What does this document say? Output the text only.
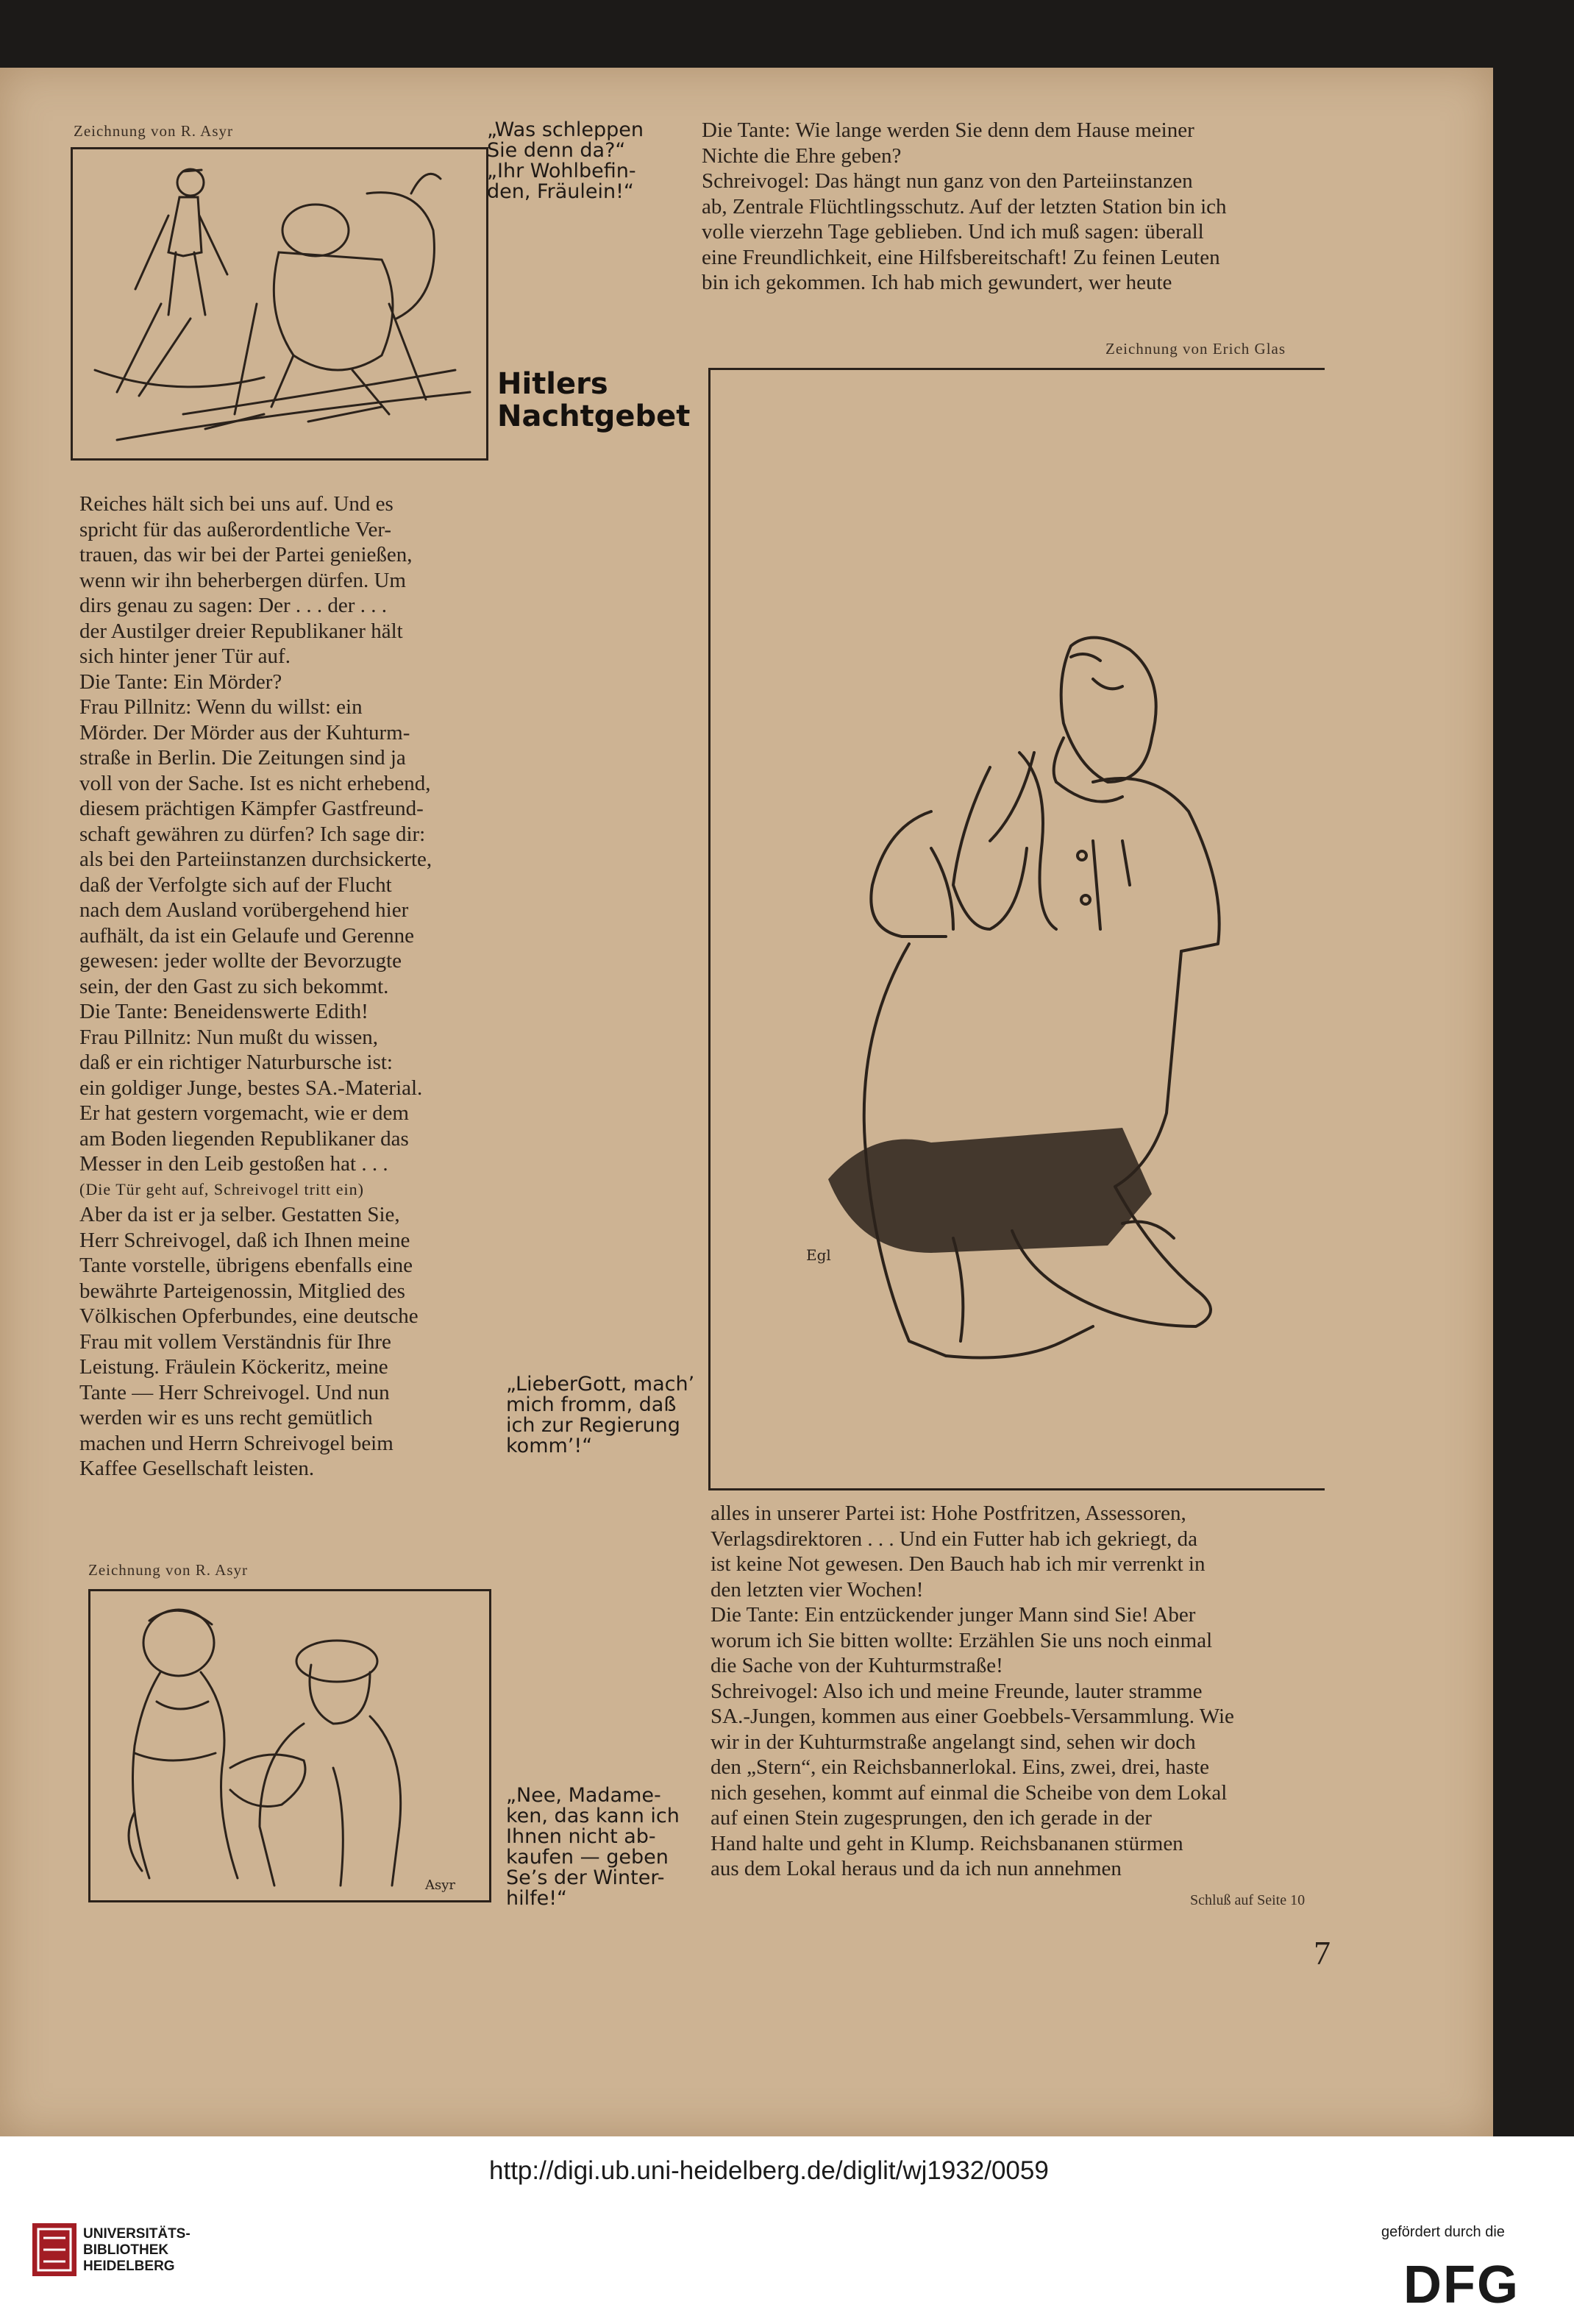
Zeichnung von R. Asyr	„Was schleppen

Sie denn da?“

„Ihr Wohlbefin-

den, Fräulein!“

Hitlers

Nachtgebet

Die Tante: Wie lange werden Sie denn dem Hause meiner

Nichte die Ehre geben?

Schreivogel: Das hängt nun ganz von den Parteiinstanzen

ab, Zentrale Flüchtlingsschutz. Auf der letzten Station bin ich

volle vierzehn Tage geblieben. Und ich muß sagen: überall

eine Freundlichkeit, eine Hilfsbereitschaft! Zu feinen Leuten

bin ich gekommen. Ich hab mich gewundert, wer heute

Zeichnung von Erich Glas
Egl

Reiches hält sich bei uns auf. Und es

spricht für das außerordentliche Ver-

trauen, das wir bei der Partei genießen,

wenn wir ihn beherbergen dürfen. Um

dirs genau zu sagen: Der . . . der . . .

der Austilger dreier Republikaner hält

sich hinter jener Tür auf.

Die Tante: Ein Mörder?

Frau Pillnitz: Wenn du willst: ein

Mörder. Der Mörder aus der Kuhturm-

straße in Berlin. Die Zeitungen sind ja

voll von der Sache. Ist es nicht erhebend,

diesem prächtigen Kämpfer Gastfreund-

schaft gewähren zu dürfen? Ich sage dir:

als bei den Parteiinstanzen durchsickerte,

daß der Verfolgte sich auf der Flucht

nach dem Ausland vorübergehend hier

aufhält, da ist ein Gelaufe und Gerenne

gewesen: jeder wollte der Bevorzugte

sein, der den Gast zu sich bekommt.

Die Tante: Beneidenswerte Edith!

Frau Pillnitz: Nun mußt du wissen,

daß er ein richtiger Naturbursche ist:

ein goldiger Junge, bestes SA.-Material.

Er hat gestern vorgemacht, wie er dem

am Boden liegenden Republikaner das

Messer in den Leib gestoßen hat . . .

(Die Tür geht auf, Schreivogel tritt ein)

Aber da ist er ja selber. Gestatten Sie,

Herr Schreivogel, daß ich Ihnen meine

Tante vorstelle, übrigens ebenfalls eine

bewährte Parteigenossin, Mitglied des

Völkischen Opferbundes, eine deutsche

Frau mit vollem Verständnis für Ihre

Leistung. Fräulein Köckeritz, meine

Tante — Herr Schreivogel. Und nun

werden wir es uns recht gemütlich

machen und Herrn Schreivogel beim

Kaffee Gesellschaft leisten.

„LieberGott, mach’

mich fromm, daß

ich zur Regierung

komm’!“

Zeichnung von R. Asyr
Asyr

„Nee, Madame-

ken, das kann ich

Ihnen nicht ab-

kaufen — geben

Se’s der Winter-

hilfe!“

alles in unserer Partei ist: Hohe Postfritzen, Assessoren,

Verlagsdirektoren . . . Und ein Futter hab ich gekriegt, da

ist keine Not gewesen. Den Bauch hab ich mir verrenkt in

den letzten vier Wochen!

Die Tante: Ein entzückender junger Mann sind Sie! Aber

worum ich Sie bitten wollte: Erzählen Sie uns noch einmal

die Sache von der Kuhturmstraße!

Schreivogel: Also ich und meine Freunde, lauter stramme

SA.-Jungen, kommen aus einer Goebbels-Versammlung. Wie

wir in der Kuhturmstraße angelangt sind, sehen wir doch

den „Stern“, ein Reichsbannerlokal. Eins, zwei, drei, haste

nich gesehen, kommt auf einmal die Scheibe von dem Lokal

auf einen Stein zugesprungen, den ich gerade in der

Hand halte und geht in Klump. Reichsbananen stürmen

aus dem Lokal heraus und da ich nun annehmen

Schluß auf Seite 10
7

UNIVERSITÄTS-

BIBLIOTHEK

HEIDELBERG

http://digi.ub.uni-heidelberg.de/diglit/wj1932/0059
gefördert durch die
DFG
